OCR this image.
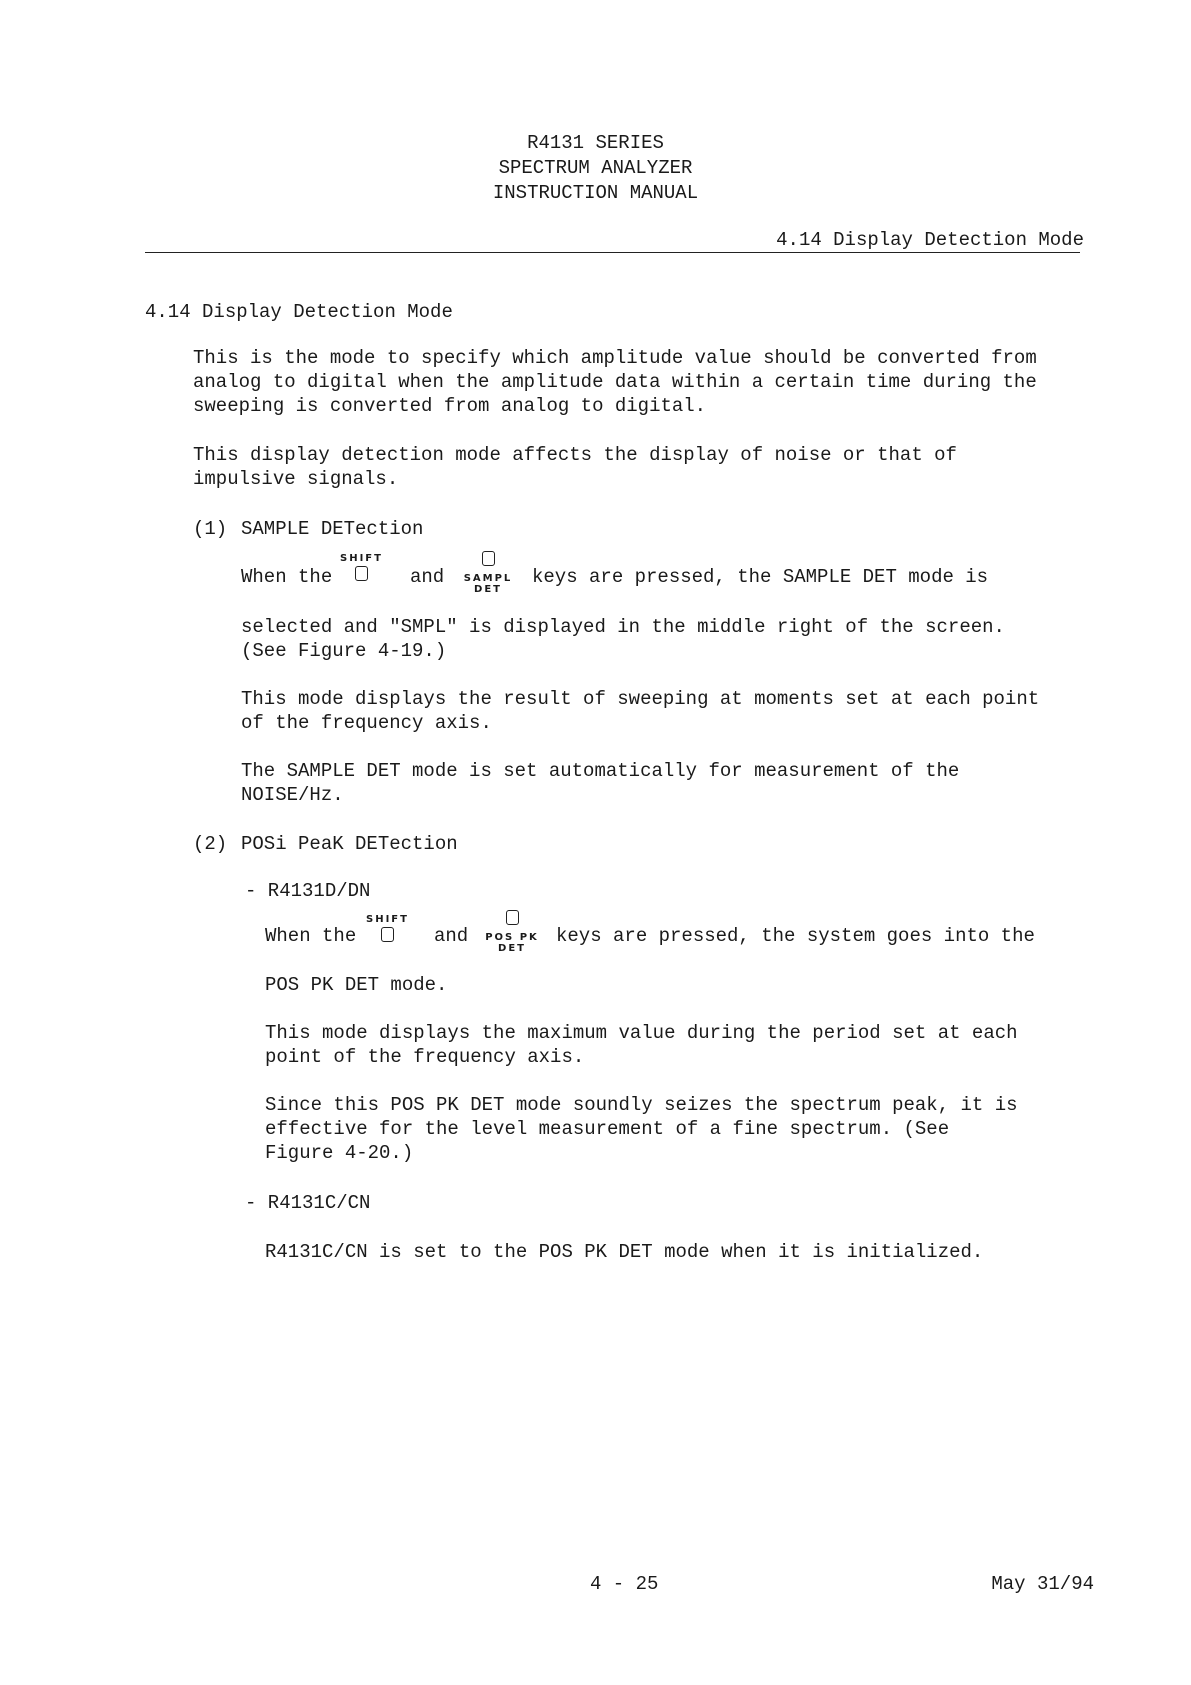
R4131 SERIES
SPECTRUM ANALYZER
INSTRUCTION MANUAL
4.14 Display Detection Mode
4.14 Display Detection Mode

This is the mode to specify which amplitude value should be converted from

analog to digital when the amplitude data within a certain time during the

sweeping is converted from analog to digital.

This display detection mode affects the display of noise or that of

impulsive signals.

(1) SAMPLE DETection
When the
SHIFT
and	SAMPL
DET
keys are pressed, the SAMPLE DET mode is

selected and "SMPL" is displayed in the middle right of the screen.

(See Figure 4-19.)

This mode displays the result of sweeping at moments set at each point

of the frequency axis.

The SAMPLE DET mode is set automatically for measurement of the

NOISE/Hz.

(2) POSi PeaK DETection
- R4131D/DN
When the
SHIFT
and	POS PK
DET
keys are pressed, the system goes into the
POS PK DET mode.

This mode displays the maximum value during the period set at each

point of the frequency axis.

Since this POS PK DET mode soundly seizes the spectrum peak, it is

effective for the level measurement of a fine spectrum. (See

Figure 4-20.)

- R4131C/CN
R4131C/CN is set to the POS PK DET mode when it is initialized.
4 - 25	May 31/94
